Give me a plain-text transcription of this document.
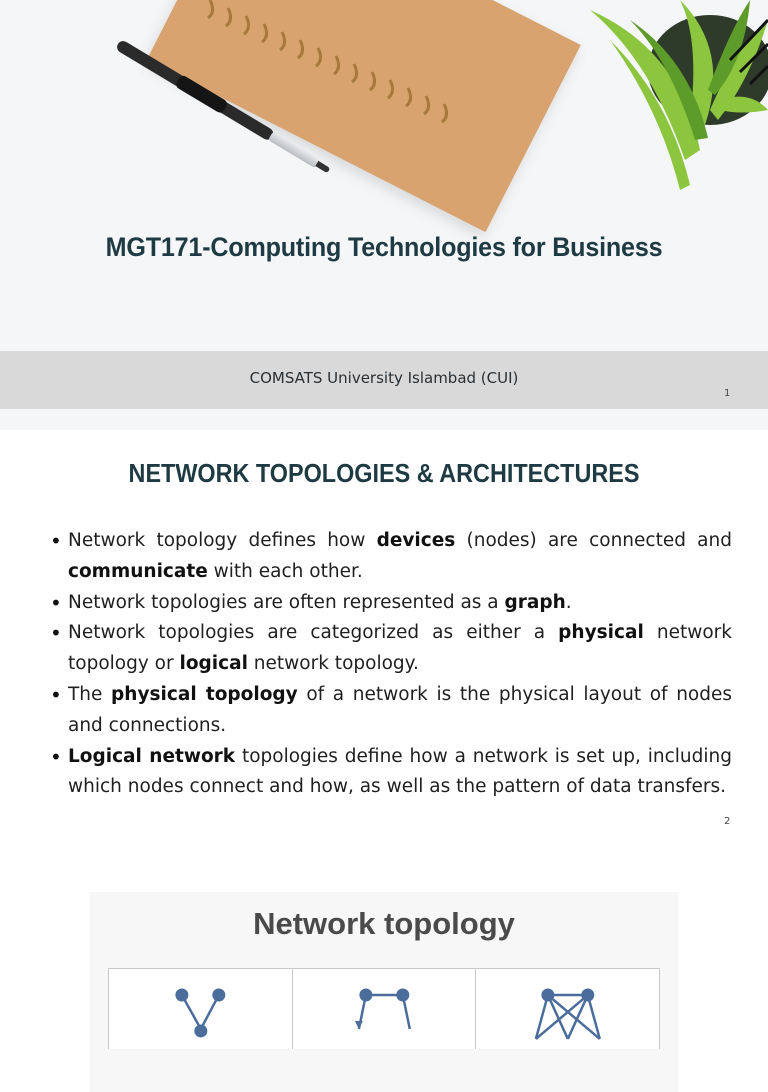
MGT171-Computing Technologies for Business
COMSATS University Islambad (CUI)
1
NETWORK TOPOLOGIES & ARCHITECTURES
• Network topology defines how devices (nodes) are connected and communicate with each other.
• Network topologies are often represented as a graph.
• Network topologies are categorized as either a physical network topology or logical network topology.
• The physical topology of a network is the physical layout of nodes and connections.
• Logical network topologies define how a network is set up, including which nodes connect and how, as well as the pattern of data transfers.
2
Network topology
